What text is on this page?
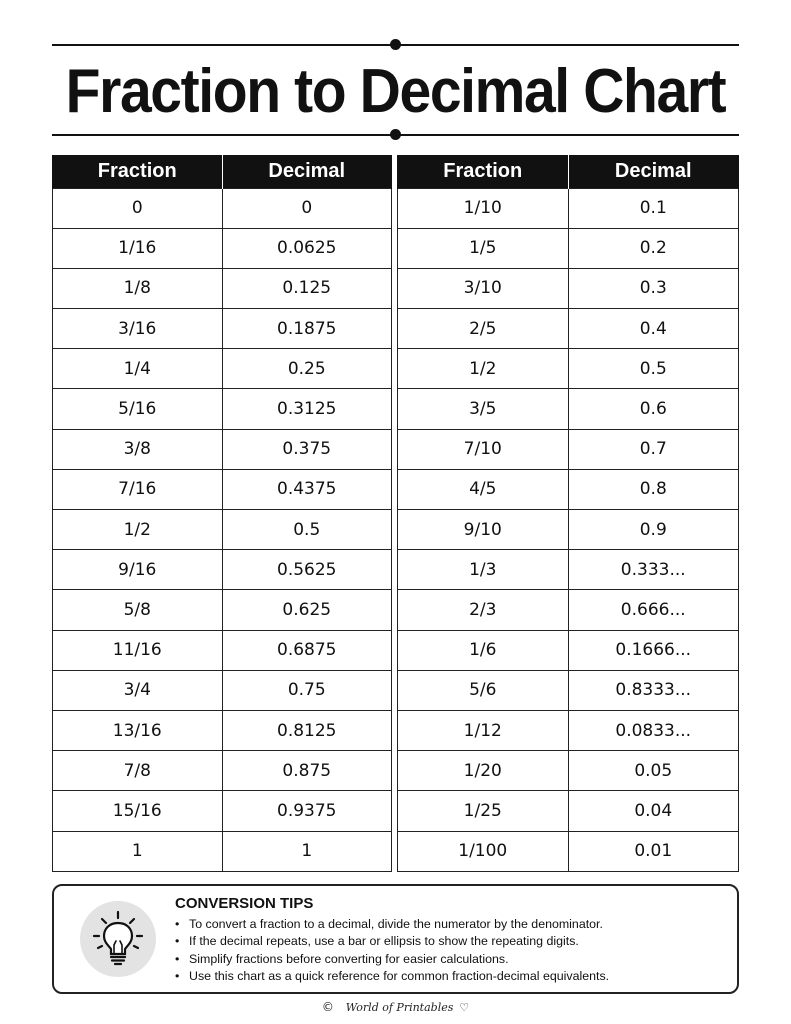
Fraction to Decimal Chart
Fraction	Decimal
0	0
1/16	0.0625
1/8	0.125
3/16	0.1875
1/4	0.25
5/16	0.3125
3/8	0.375
7/16	0.4375
1/2	0.5
9/16	0.5625
5/8	0.625
11/16	0.6875
3/4	0.75
13/16	0.8125
7/8	0.875
15/16	0.9375
1	1
Fraction	Decimal
1/10	0.1
1/5	0.2
3/10	0.3
2/5	0.4
1/2	0.5
3/5	0.6
7/10	0.7
4/5	0.8
9/10	0.9
1/3	0.333...
2/3	0.666...
1/6	0.1666...
5/6	0.8333...
1/12	0.0833...
1/20	0.05
1/25	0.04
1/100	0.01
CONVERSION TIPS
• To convert a fraction to a decimal, divide the numerator by the denominator.
• If the decimal repeats, use a bar or ellipsis to show the repeating digits.
• Simplify fractions before converting for easier calculations.
• Use this chart as a quick reference for common fraction-decimal equivalents.
© World of Printables ♡
